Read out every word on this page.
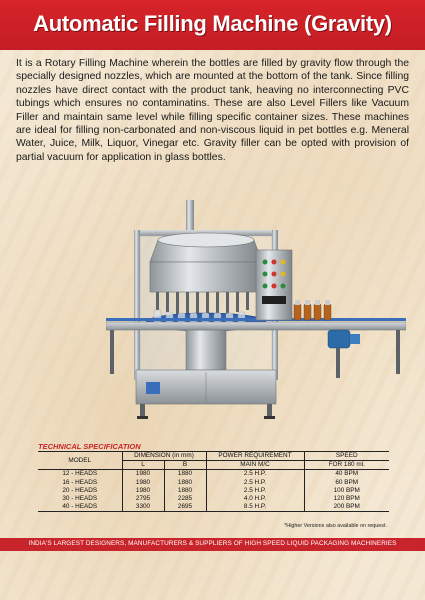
Automatic Filling Machine (Gravity)
It is a Rotary Filling Machine wherein the bottles are filled by gravity flow through the specially designed nozzles, which are mounted at the bottom of the tank. Since filling nozzles have direct contact with the product tank, heaving no interconnecting PVC tubings which ensures no contaminatins. These are also Level Fillers like Vacuum Filler and maintain same level while filling specific container sizes. These machines are ideal for filling non-carbonated and non-viscous liquid in pet bottles e.g. Meneral Water, Juice, Milk, Liquor, Vinegar etc. Gravity filler can be opted with provision of partial vacuum for application in glass bottles.
TECHNICAL SPECIFICATION
MODEL	DIMENSION (in mm)		POWER REQUIREMENT	SPEED
	L	B	MAIN M/C	FOR 180 ml.
12 - HEADS	1980	1880	2.5 H.P.	40 BPM
16 - HEADS	1980	1880	2.5 H.P.	60 BPM
20 - HEADS	1980	1880	2.5 H.P.	100 BPM
30 - HEADS	2795	2285	4.0 H.P.	120 BPM
40 - HEADS	3300	2695	8.5 H.P.	200 BPM
*Higher Versions also available on request.
INDIA'S LARGEST DESIGNERS, MANUFACTURERS & SUPPLIERS OF HIGH SPEED LIQUID PACKAGING MACHINERIES
